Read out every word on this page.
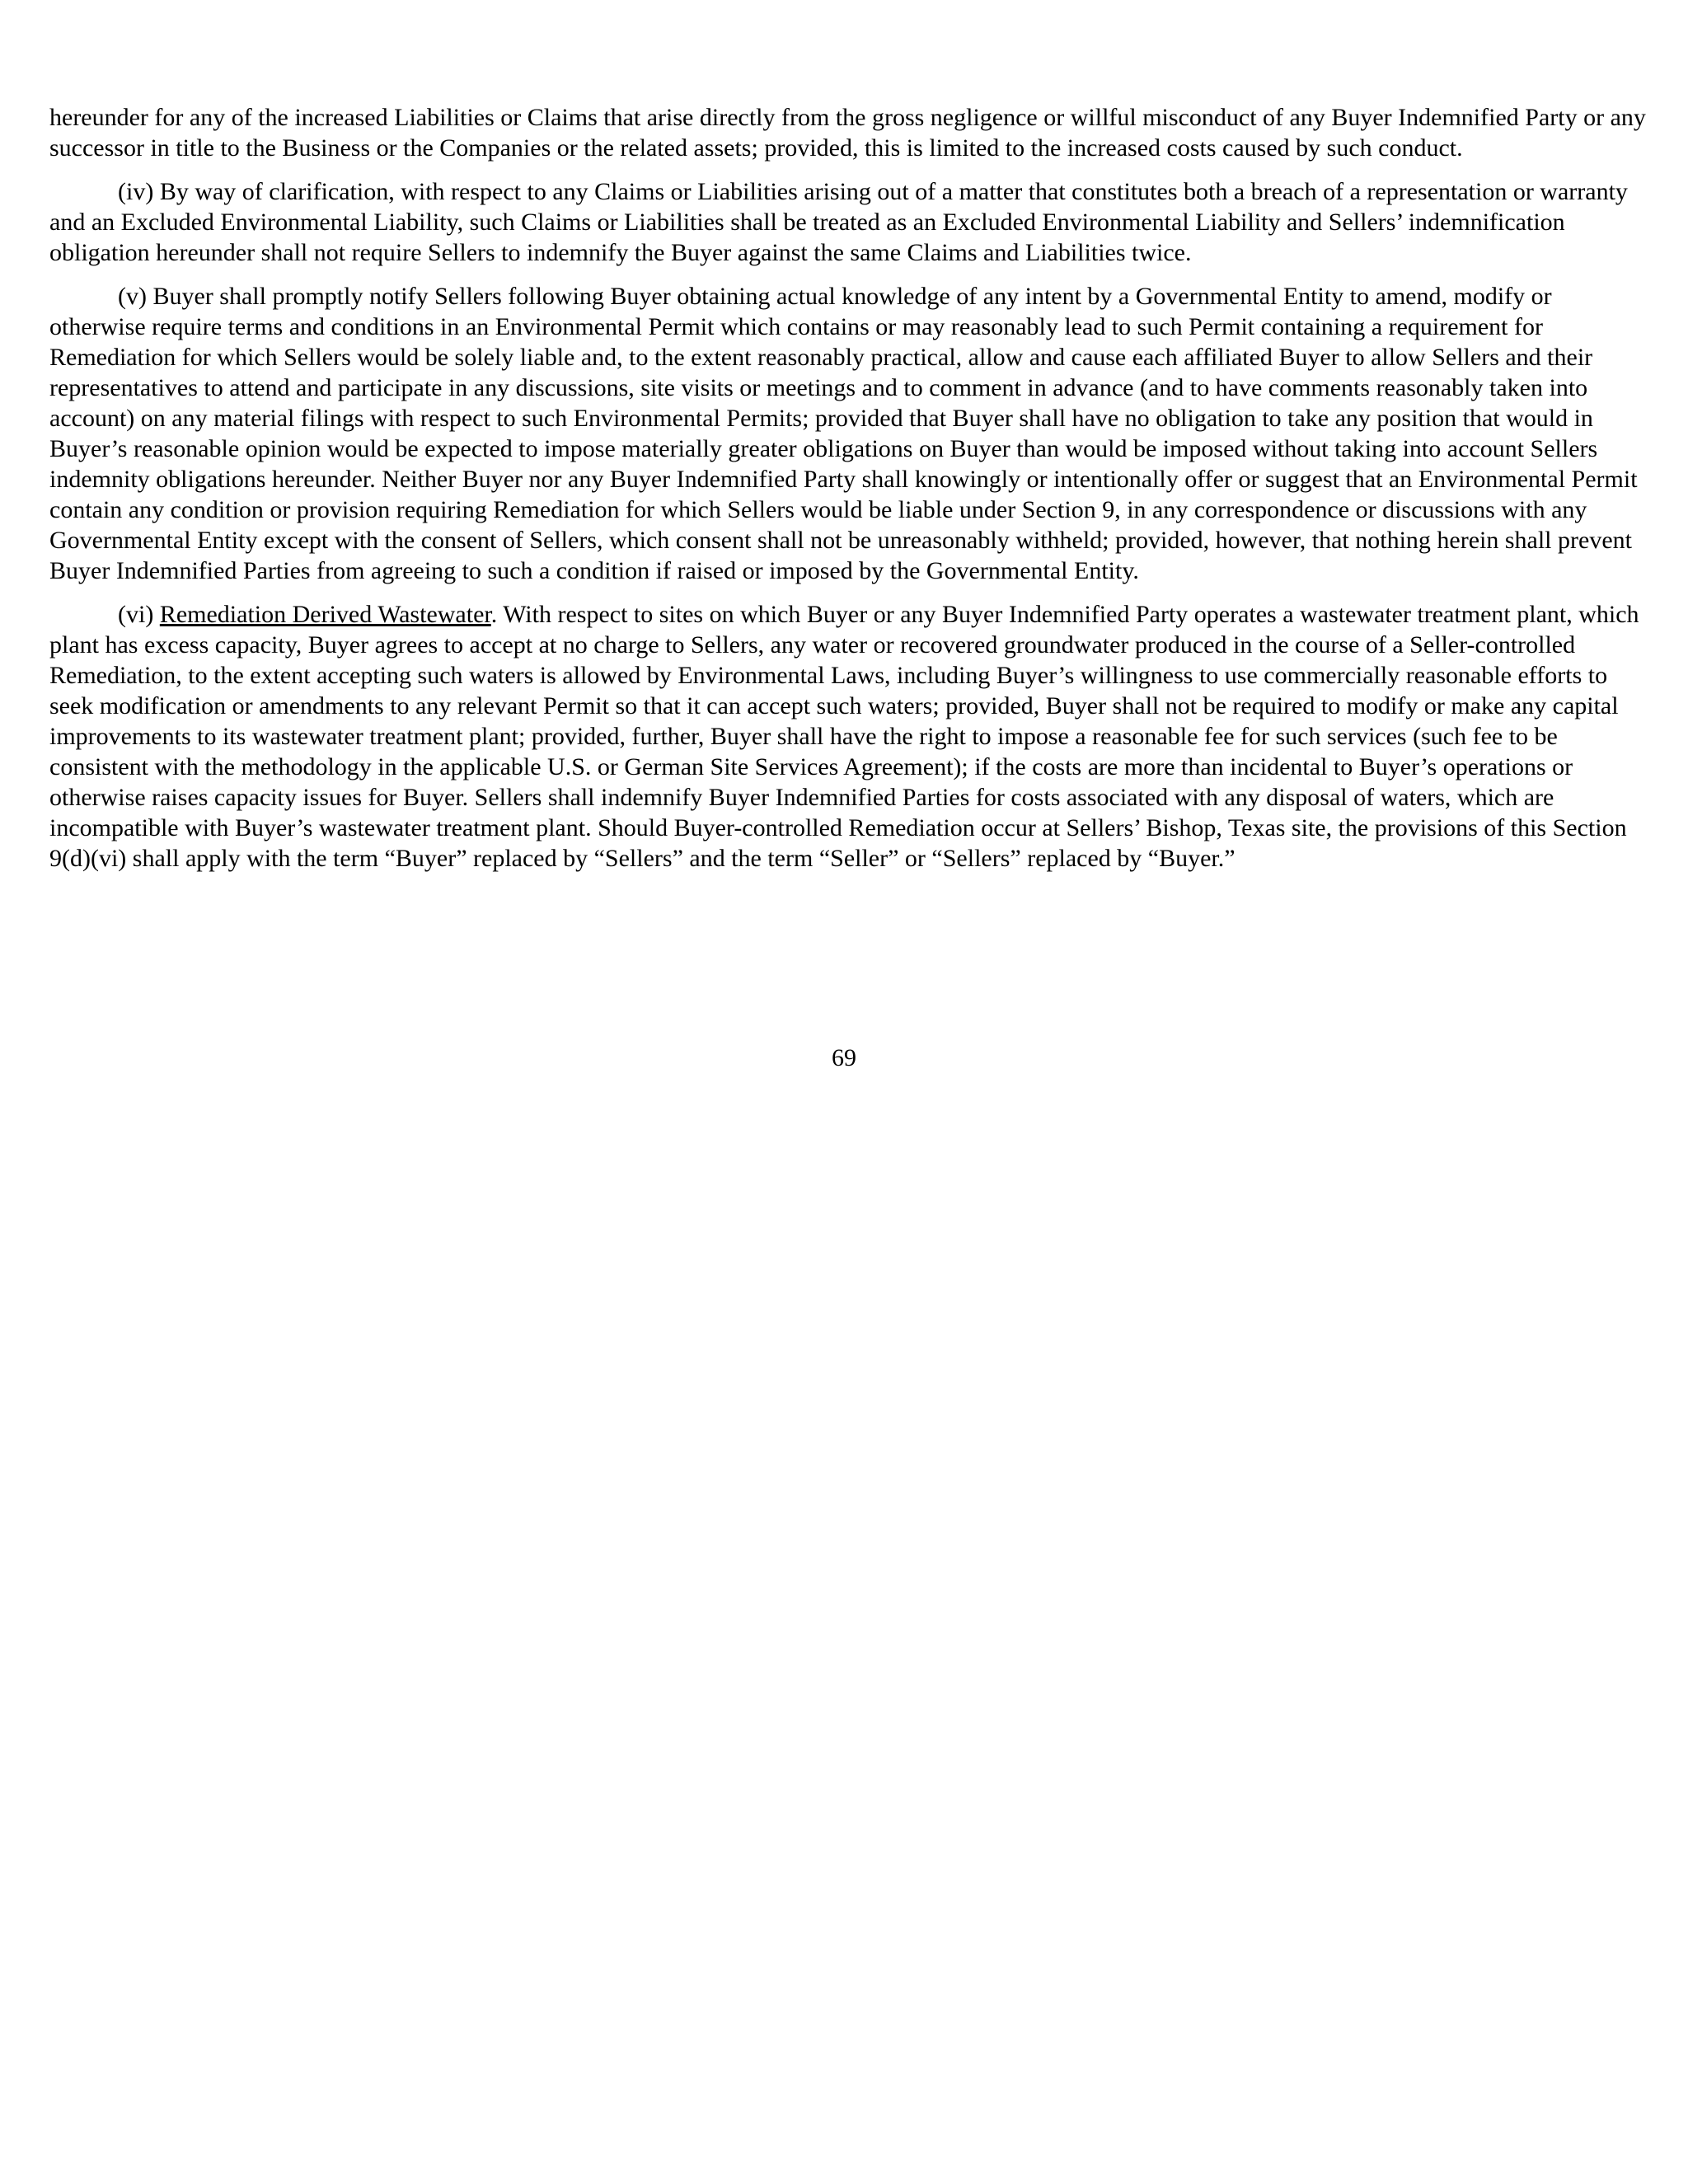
hereunder for any of the increased Liabilities or Claims that arise directly from the gross negligence or willful misconduct of any Buyer Indemnified Party or any successor in title to the Business or the Companies or the related assets; provided, this is limited to the increased costs caused by such conduct.

(iv) By way of clarification, with respect to any Claims or Liabilities arising out of a matter that constitutes both a breach of a representation or warranty and an Excluded Environmental Liability, such Claims or Liabilities shall be treated as an Excluded Environmental Liability and Sellers’ indemnification obligation hereunder shall not require Sellers to indemnify the Buyer against the same Claims and Liabilities twice.

(v) Buyer shall promptly notify Sellers following Buyer obtaining actual knowledge of any intent by a Governmental Entity to amend, modify or otherwise require terms and conditions in an Environmental Permit which contains or may reasonably lead to such Permit containing a requirement for Remediation for which Sellers would be solely liable and, to the extent reasonably practical, allow and cause each affiliated Buyer to allow Sellers and their representatives to attend and participate in any discussions, site visits or meetings and to comment in advance (and to have comments reasonably taken into account) on any material filings with respect to such Environmental Permits; provided that Buyer shall have no obligation to take any position that would in Buyer’s reasonable opinion would be expected to impose materially greater obligations on Buyer than would be imposed without taking into account Sellers indemnity obligations hereunder. Neither Buyer nor any Buyer Indemnified Party shall knowingly or intentionally offer or suggest that an Environmental Permit contain any condition or provision requiring Remediation for which Sellers would be liable under Section 9, in any correspondence or discussions with any Governmental Entity except with the consent of Sellers, which consent shall not be unreasonably withheld; provided, however, that nothing herein shall prevent Buyer Indemnified Parties from agreeing to such a condition if raised or imposed by the Governmental Entity.

(vi) Remediation Derived Wastewater. With respect to sites on which Buyer or any Buyer Indemnified Party operates a wastewater treatment plant, which plant has excess capacity, Buyer agrees to accept at no charge to Sellers, any water or recovered groundwater produced in the course of a Seller-controlled Remediation, to the extent accepting such waters is allowed by Environmental Laws, including Buyer’s willingness to use commercially reasonable efforts to seek modification or amendments to any relevant Permit so that it can accept such waters; provided, Buyer shall not be required to modify or make any capital improvements to its wastewater treatment plant; provided, further, Buyer shall have the right to impose a reasonable fee for such services (such fee to be consistent with the methodology in the applicable U.S. or German Site Services Agreement); if the costs are more than incidental to Buyer’s operations or otherwise raises capacity issues for Buyer. Sellers shall indemnify Buyer Indemnified Parties for costs associated with any disposal of waters, which are incompatible with Buyer’s wastewater treatment plant. Should Buyer-controlled Remediation occur at Sellers’ Bishop, Texas site, the provisions of this Section 9(d)(vi) shall apply with the term “Buyer” replaced by “Sellers” and the term “Seller” or “Sellers” replaced by “Buyer.”

69
